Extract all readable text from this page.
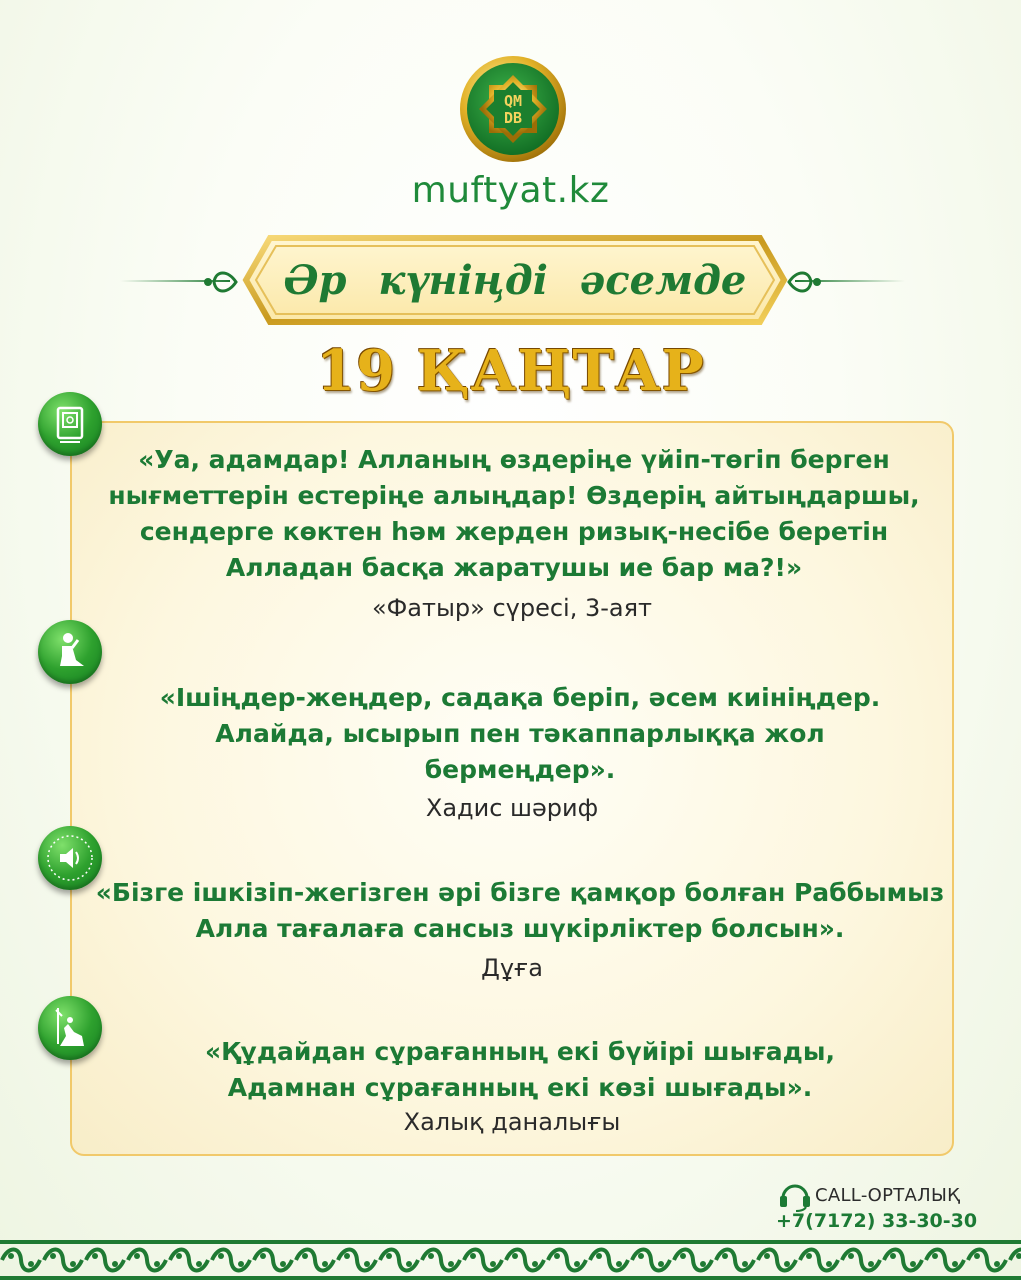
QM
DB
muftyat.kz
Әр күніңді әсемде
19 ҚАҢТАР
«Уа, адамдар! Алланың өздеріңе үйіп-төгіп берген нығметтерін естеріңе алыңдар! Өздерің айтыңдаршы, сендерге көктен һәм жерден ризық-несібе беретін Алладан басқа жаратушы ие бар ма?!»
«Фатыр» сүресі, 3-аят
«Ішіңдер-жеңдер, садақа беріп, әсем киініңдер. Алайда, ысырып пен тәкаппарлыққа жол бермеңдер».
Хадис шәриф
«Бізге ішкізіп-жегізген әрі бізге қамқор болған Раббымыз Алла тағалаға сансыз шүкірліктер болсын».
Дұға
«Құдайдан сұрағанның екі бүйірі шығады, Адамнан сұрағанның екі көзі шығады».
Халық даналығы
CALL-ОРТАЛЫҚ
+7(7172) 33-30-30
